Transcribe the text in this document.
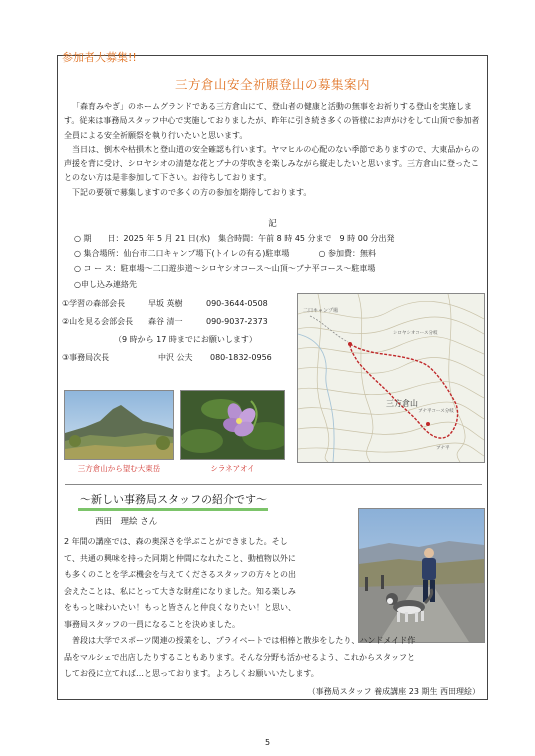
参加者大募集!!
三方倉山安全祈願登山の募集案内

「森育みやぎ」のホームグランドである三方倉山にて、登山者の健康と活動の無事をお祈りする登山を実施します。従来は事務局スタッフ中心で実施しておりましたが、昨年に引き続き多くの皆様にお声がけをして山頂で参加者全員による安全祈願祭を執り行いたいと思います。

当日は、倒木や枯損木と登山道の安全確認も行います。ヤマヒルの心配のない季節でありますので、大東品からの声援を背に受け、シロヤシオの清楚な花とブナの芽吹きを楽しみながら縦走したいと思います。三方倉山に登ったことのない方は是非参加して下さい。お待ちしております。

下記の要領で募集しますので多くの方の参加を期待しております。

記
○ 期　　日：2025 年 5 月 21 日(水)　集合時間：午前 8 時 45 分まで　9 時 00 分出発
○ 集合場所：仙台市二口キャンプ場下(トイレの有る)駐車場	○ 参加費：無料
○ コ ー ス：駐車場～二口遊歩道～シロヤシオコース～山頂～ブナ平コース～駐車場
○申し込み連絡先
①学習の森部会長	早坂 英樹	090-3644-0508
②山を見る会部会長	森谷 清一	090-9037-2373
（9 時から 17 時までにお願いします）
③事務局次長	中沢 公夫	080-1832-0956
三方倉山
二口キャンプ場
シロヤシオコース分岐
ブナ平コース分岐
ブナ平
三方倉山から望む大東岳	シラネアオイ
～新しい事務局スタッフの紹介です～
西田　理絵 さん
2 年間の講座では、森の奥深さを学ぶことができました。そし
て、共通の興味を持った同期と仲間になれたこと、動植物以外に
も多くのことを学ぶ機会を与えてくださるスタッフの方々との出
会えたことは、私にとって大きな財産になりました。知る楽しみ
をもっと味わいたい！もっと皆さんと仲良くなりたい！と思い、
事務局スタッフの一員になることを決めました。
　普段は大学でスポーツ関連の授業をし、プライベートでは相棒と散歩をしたり、ハンドメイド作
品をマルシェで出店したりすることもあります。そんな分野も活かせるよう、これからスタッフと
してお役に立てれば…と思っております。よろしくお願いいたします。
（事務局スタッフ 養成講座 23 期生 西田理絵）
5
